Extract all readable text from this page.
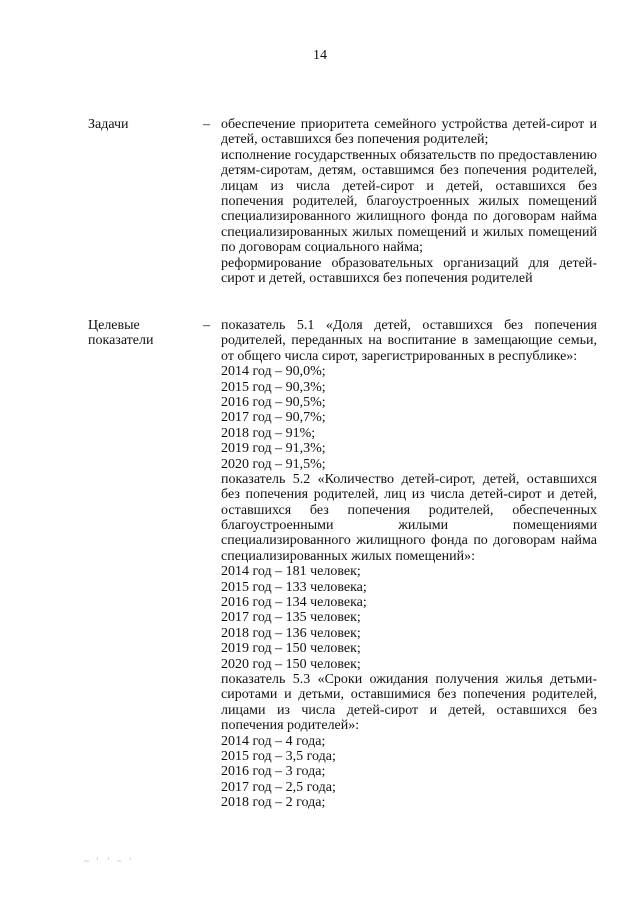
14
Задачи	– обеспечение приоритета семейного устройства детей-сирот и
детей, оставшихся без попечения родителей;
исполнение государственных обязательств по предоставлению
детям-сиротам, детям, оставшимся без попечения родителей,
лицам из числа детей-сирот и детей, оставшихся без
попечения родителей, благоустроенных жилых помещений
специализированного жилищного фонда по договорам найма
специализированных жилых помещений и жилых помещений
по договорам социального найма;
реформирование образовательных организаций для детей-
сирот и детей, оставшихся без попечения родителей
Целевые
показатели
– показатель 5.1 «Доля детей, оставшихся без попечения
родителей, переданных на воспитание в замещающие семьи,
от общего числа сирот, зарегистрированных в республике»:
2014 год – 90,0%;
2015 год – 90,3%;
2016 год – 90,5%;
2017 год – 90,7%;
2018 год – 91%;
2019 год – 91,3%;
2020 год – 91,5%;
показатель 5.2 «Количество детей-сирот, детей, оставшихся
без попечения родителей, лиц из числа детей-сирот и детей,
оставшихся без попечения родителей, обеспеченных
благоустроенными жилыми помещениями
специализированного жилищного фонда по договорам найма
специализированных жилых помещений»:
2014 год – 181 человек;
2015 год – 133 человека;
2016 год – 134 человека;
2017 год – 135 человек;
2018 год – 136 человек;
2019 год – 150 человек;
2020 год – 150 человек;
показатель 5.3 «Сроки ожидания получения жилья детьми-
сиротами и детьми, оставшимися без попечения родителей,
лицами из числа детей-сирот и детей, оставшихся без
попечения родителей»:
2014 год – 4 года;
2015 год – 3,5 года;
2016 год – 3 года;
2017 год – 2,5 года;
2018 год – 2 года;
~ ' ' ~ '
